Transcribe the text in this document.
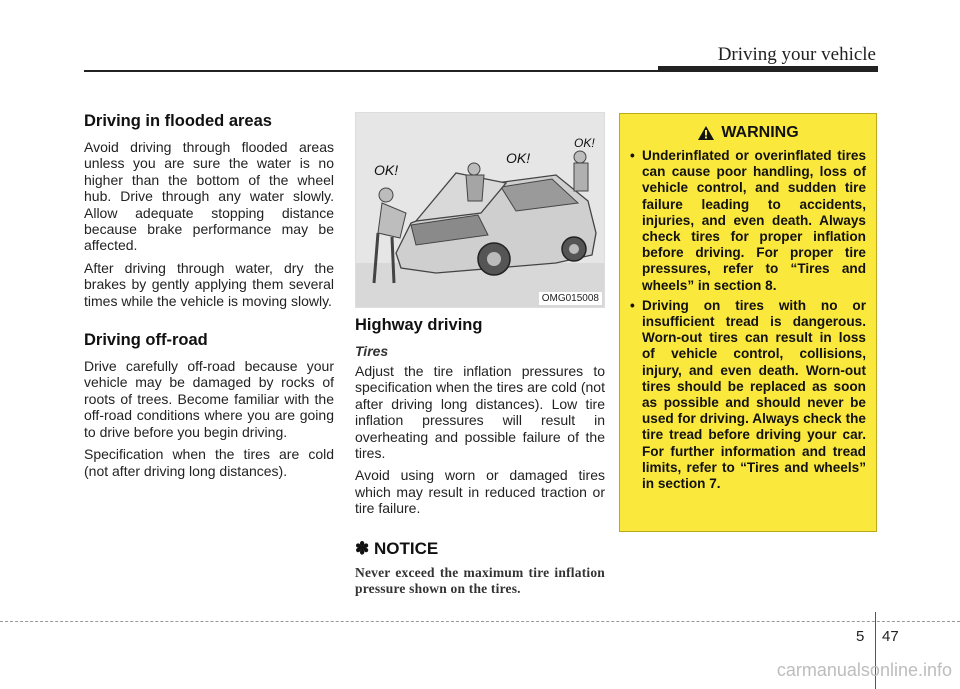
Driving your vehicle
Driving in flooded areas

Avoid driving through flooded areas unless you are sure the water is no higher than the bottom of the wheel hub. Drive through any water slowly. Allow adequate stopping distance because brake performance may be affected.

After driving through water, dry the brakes by gently applying them several times while the vehicle is moving slowly.

Driving off-road

Drive carefully off-road because your vehicle may be damaged by rocks of roots of trees. Become familiar with the off-road conditions where you are going to drive before you begin driving.

Specification when the tires are cold (not after driving long distances).

OK!
OK!
OK!
OMG015008
Highway driving
Tires

Adjust the tire inflation pressures to specification when the tires are cold (not after driving long distances). Low tire inflation pressures will result in overheating and possible failure of the tires.

Avoid using worn or damaged tires which may result in reduced traction or tire failure.

✽ NOTICE

Never exceed the maximum tire inflation pressure shown on the tires.

WARNING
• Underinflated or overinflated tires can cause poor handling, loss of vehicle control, and sudden tire failure leading to accidents, injuries, and even death. Always check tires for proper inflation before driving. For proper tire pressures, refer to “Tires and wheels” in section 8.
• Driving on tires with no or insufficient tread is dangerous. Worn-out tires can result in loss of vehicle control, collisions, injury, and even death. Worn-out tires should be replaced as soon as possible and should never be used for driving. Always check the tire tread before driving your car. For further information and tread limits, refer to “Tires and wheels” in section 7.
5 47
carmanualsonline.info
